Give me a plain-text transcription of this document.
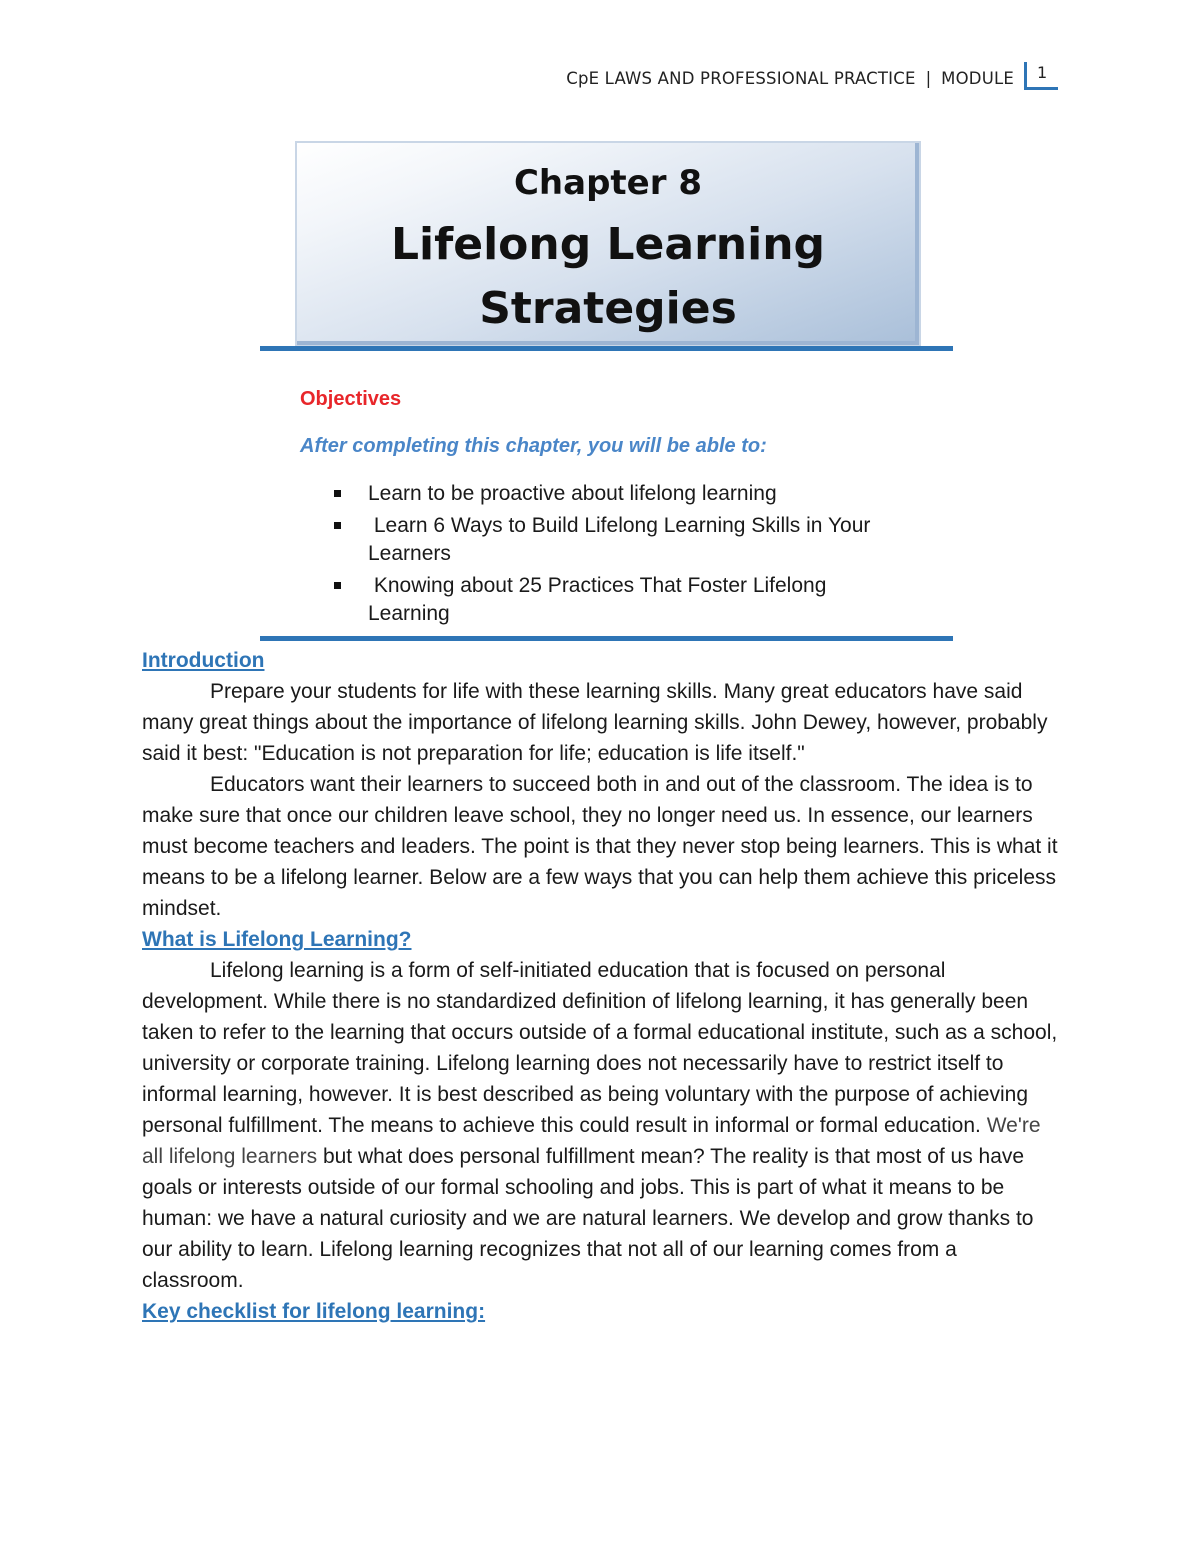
CpE LAWS AND PROFESSIONAL PRACTICE | MODULE	1
Chapter 8
Lifelong Learning
Strategies
Objectives
After completing this chapter, you will be able to:
Learn to be proactive about lifelong learning
Learn 6 Ways to Build Lifelong Learning Skills in Your Learners
Knowing about 25 Practices That Foster Lifelong Learning
Introduction

Prepare your students for life with these learning skills. Many great educators have said many great things about the importance of lifelong learning skills. John Dewey, however, probably said it best: "Education is not preparation for life; education is life itself."

Educators want their learners to succeed both in and out of the classroom. The idea is to make sure that once our children leave school, they no longer need us. In essence, our learners must become teachers and leaders. The point is that they never stop being learners. This is what it means to be a lifelong learner. Below are a few ways that you can help them achieve this priceless mindset.

What is Lifelong Learning?

Lifelong learning is a form of self-initiated education that is focused on personal development. While there is no standardized definition of lifelong learning, it has generally been taken to refer to the learning that occurs outside of a formal educational institute, such as a school, university or corporate training. Lifelong learning does not necessarily have to restrict itself to informal learning, however. It is best described as being voluntary with the purpose of achieving personal fulfillment. The means to achieve this could result in informal or formal education. We're all lifelong learners but what does personal fulfillment mean? The reality is that most of us have goals or interests outside of our formal schooling and jobs. This is part of what it means to be human: we have a natural curiosity and we are natural learners. We develop and grow thanks to our ability to learn. Lifelong learning recognizes that not all of our learning comes from a classroom.

Key checklist for lifelong learning:
